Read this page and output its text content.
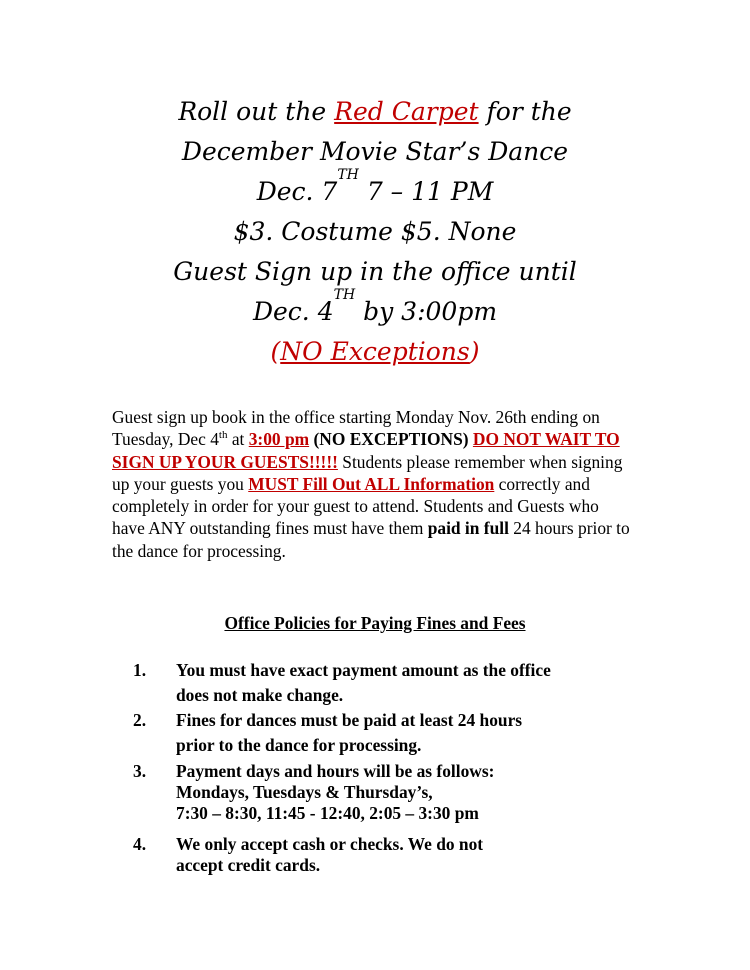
Roll out the Red Carpet for the
December Movie Star’s Dance
Dec. 7TH 7 – 11 PM
$3. Costume $5. None
Guest Sign up in the office until
Dec. 4TH by 3:00pm
(NO Exceptions)

Guest sign up book in the office starting Monday Nov. 26th ending on Tuesday, Dec 4th at 3:00 pm (NO EXCEPTIONS) DO NOT WAIT TO SIGN UP YOUR GUESTS!!!!! Students please remember when signing up your guests you MUST Fill Out ALL Information correctly and completely in order for your guest to attend. Students and Guests who have ANY outstanding fines must have them paid in full 24 hours prior to the dance for processing.

Office Policies for Paying Fines and Fees
1. You must have exact payment amount as the office
does not make change.
2. Fines for dances must be paid at least 24 hours
prior to the dance for processing.
3. Payment days and hours will be as follows:
Mondays, Tuesdays & Thursday’s,
7:30 – 8:30, 11:45 - 12:40, 2:05 – 3:30 pm
4. We only accept cash or checks. We do not
accept credit cards.
